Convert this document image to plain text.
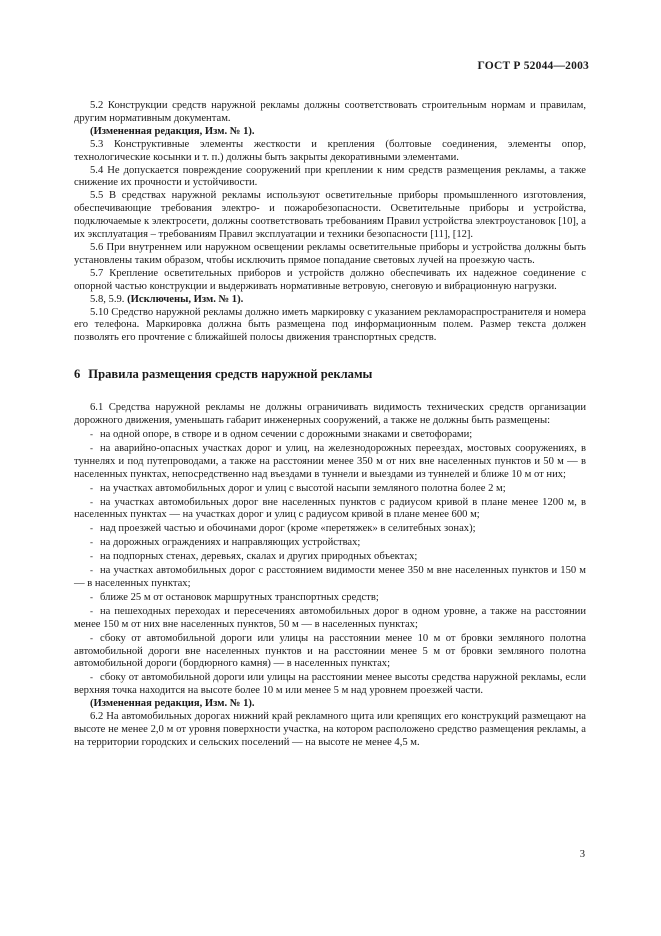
ГОСТ Р 52044—2003

5.2 Конструкции средств наружной рекламы должны соответствовать строительным нормам и правилам, другим нормативным документам.

(Измененная редакция, Изм. № 1).

5.3 Конструктивные элементы жесткости и крепления (болтовые соединения, элементы опор, технологические косынки и т. п.) должны быть закрыты декоративными элементами.

5.4 Не допускается повреждение сооружений при креплении к ним средств размещения рекламы, а также снижение их прочности и устойчивости.

5.5 В средствах наружной рекламы используют осветительные приборы промышленного изготовления, обеспечивающие требования электро- и пожаробезопасности. Осветительные приборы и устройства, подключаемые к электросети, должны соответствовать требованиям Правил устройства электроустановок [10], а их эксплуатация – требованиям Правил эксплуатации и техники безопасности [11], [12].

5.6 При внутреннем или наружном освещении рекламы осветительные приборы и устройства должны быть установлены таким образом, чтобы исключить прямое попадание световых лучей на проезжую часть.

5.7 Крепление осветительных приборов и устройств должно обеспечивать их надежное соединение с опорной частью конструкции и выдерживать нормативные ветровую, снеговую и вибрационную нагрузки.

5.8, 5.9. (Исключены, Изм. № 1).

5.10 Средство наружной рекламы должно иметь маркировку с указанием рекламораспространителя и номера его телефона. Маркировка должна быть размещена под информационным полем. Размер текста должен позволять его прочтение с ближайшей полосы движения транспортных средств.

6 Правила размещения средств наружной рекламы

6.1 Средства наружной рекламы не должны ограничивать видимость технических средств организации дорожного движения, уменьшать габарит инженерных сооружений, а также не должны быть размещены:

- на одной опоре, в створе и в одном сечении с дорожными знаками и светофорами;

- на аварийно-опасных участках дорог и улиц, на железнодорожных переездах, мостовых сооружениях, в туннелях и под путепроводами, а также на расстоянии менее 350 м от них вне населенных пунктов и 50 м — в населенных пунктах, непосредственно над въездами в туннели и выездами из туннелей и ближе 10 м от них;

- на участках автомобильных дорог и улиц с высотой насыпи земляного полотна более 2 м;

- на участках автомобильных дорог вне населенных пунктов с радиусом кривой в плане менее 1200 м, в населенных пунктах — на участках дорог и улиц с радиусом кривой в плане менее 600 м;

- над проезжей частью и обочинами дорог (кроме «перетяжек» в селитебных зонах);

- на дорожных ограждениях и направляющих устройствах;

- на подпорных стенах, деревьях, скалах и других природных объектах;

- на участках автомобильных дорог с расстоянием видимости менее 350 м вне населенных пунктов и 150 м — в населенных пунктах;

- ближе 25 м от остановок маршрутных транспортных средств;

- на пешеходных переходах и пересечениях автомобильных дорог в одном уровне, а также на расстоянии менее 150 м от них вне населенных пунктов, 50 м — в населенных пунктах;

- сбоку от автомобильной дороги или улицы на расстоянии менее 10 м от бровки земляного полотна автомобильной дороги вне населенных пунктов и на расстоянии менее 5 м от бровки земляного полотна автомобильной дороги (бордюрного камня) — в населенных пунктах;

- сбоку от автомобильной дороги или улицы на расстоянии менее высоты средства наружной рекламы, если верхняя точка находится на высоте более 10 м или менее 5 м над уровнем проезжей части.

(Измененная редакция, Изм. № 1).

6.2 На автомобильных дорогах нижний край рекламного щита или крепящих его конструкций размещают на высоте не менее 2,0 м от уровня поверхности участка, на котором расположено средство размещения рекламы, а на территории городских и сельских поселений — на высоте не менее 4,5 м.

3
